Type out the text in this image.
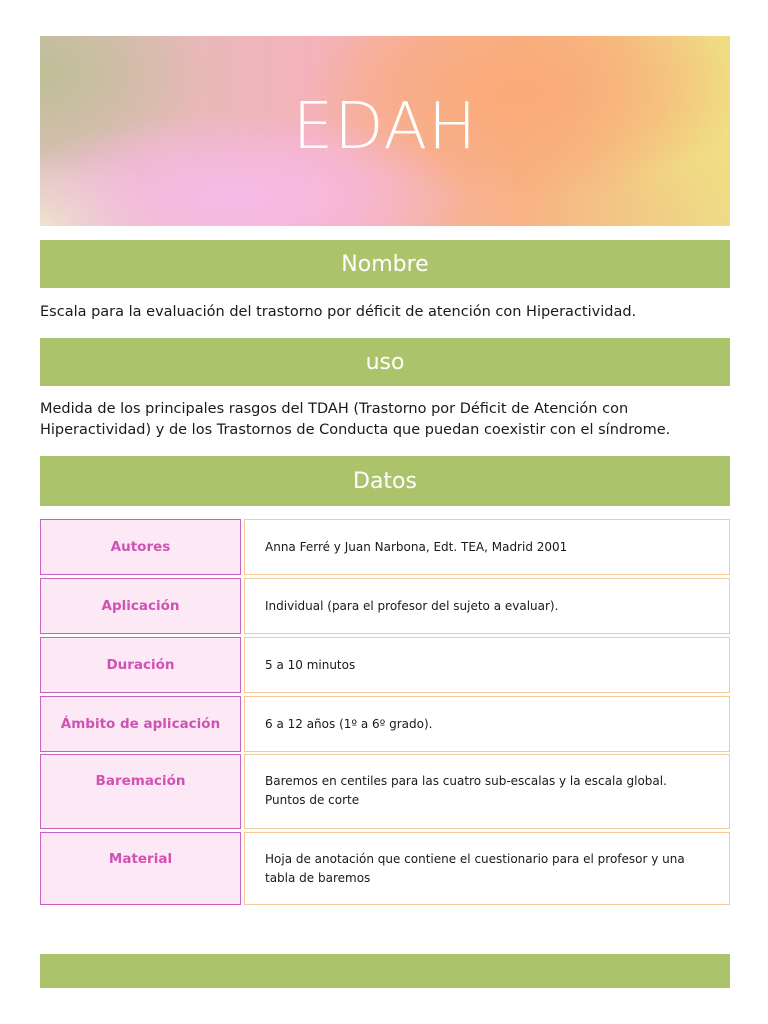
EDAH
Nombre
Escala para la evaluación del trastorno por déficit de atención con Hiperactividad.
uso
Medida de los principales rasgos del TDAH (Trastorno por Déficit de Atención con Hiperactividad) y de los Trastornos de Conducta que puedan coexistir con el síndrome.
Datos
Autores	Anna Ferré y Juan Narbona, Edt. TEA, Madrid 2001
Aplicación	Individual (para el profesor del sujeto a evaluar).
Duración	5 a 10 minutos
Ámbito de aplicación	6 a 12 años (1º a 6º grado).
Baremación	Baremos en centiles para las cuatro sub-escalas y la escala global. Puntos de corte
Material	Hoja de anotación que contiene el cuestionario para el profesor y una tabla de baremos
